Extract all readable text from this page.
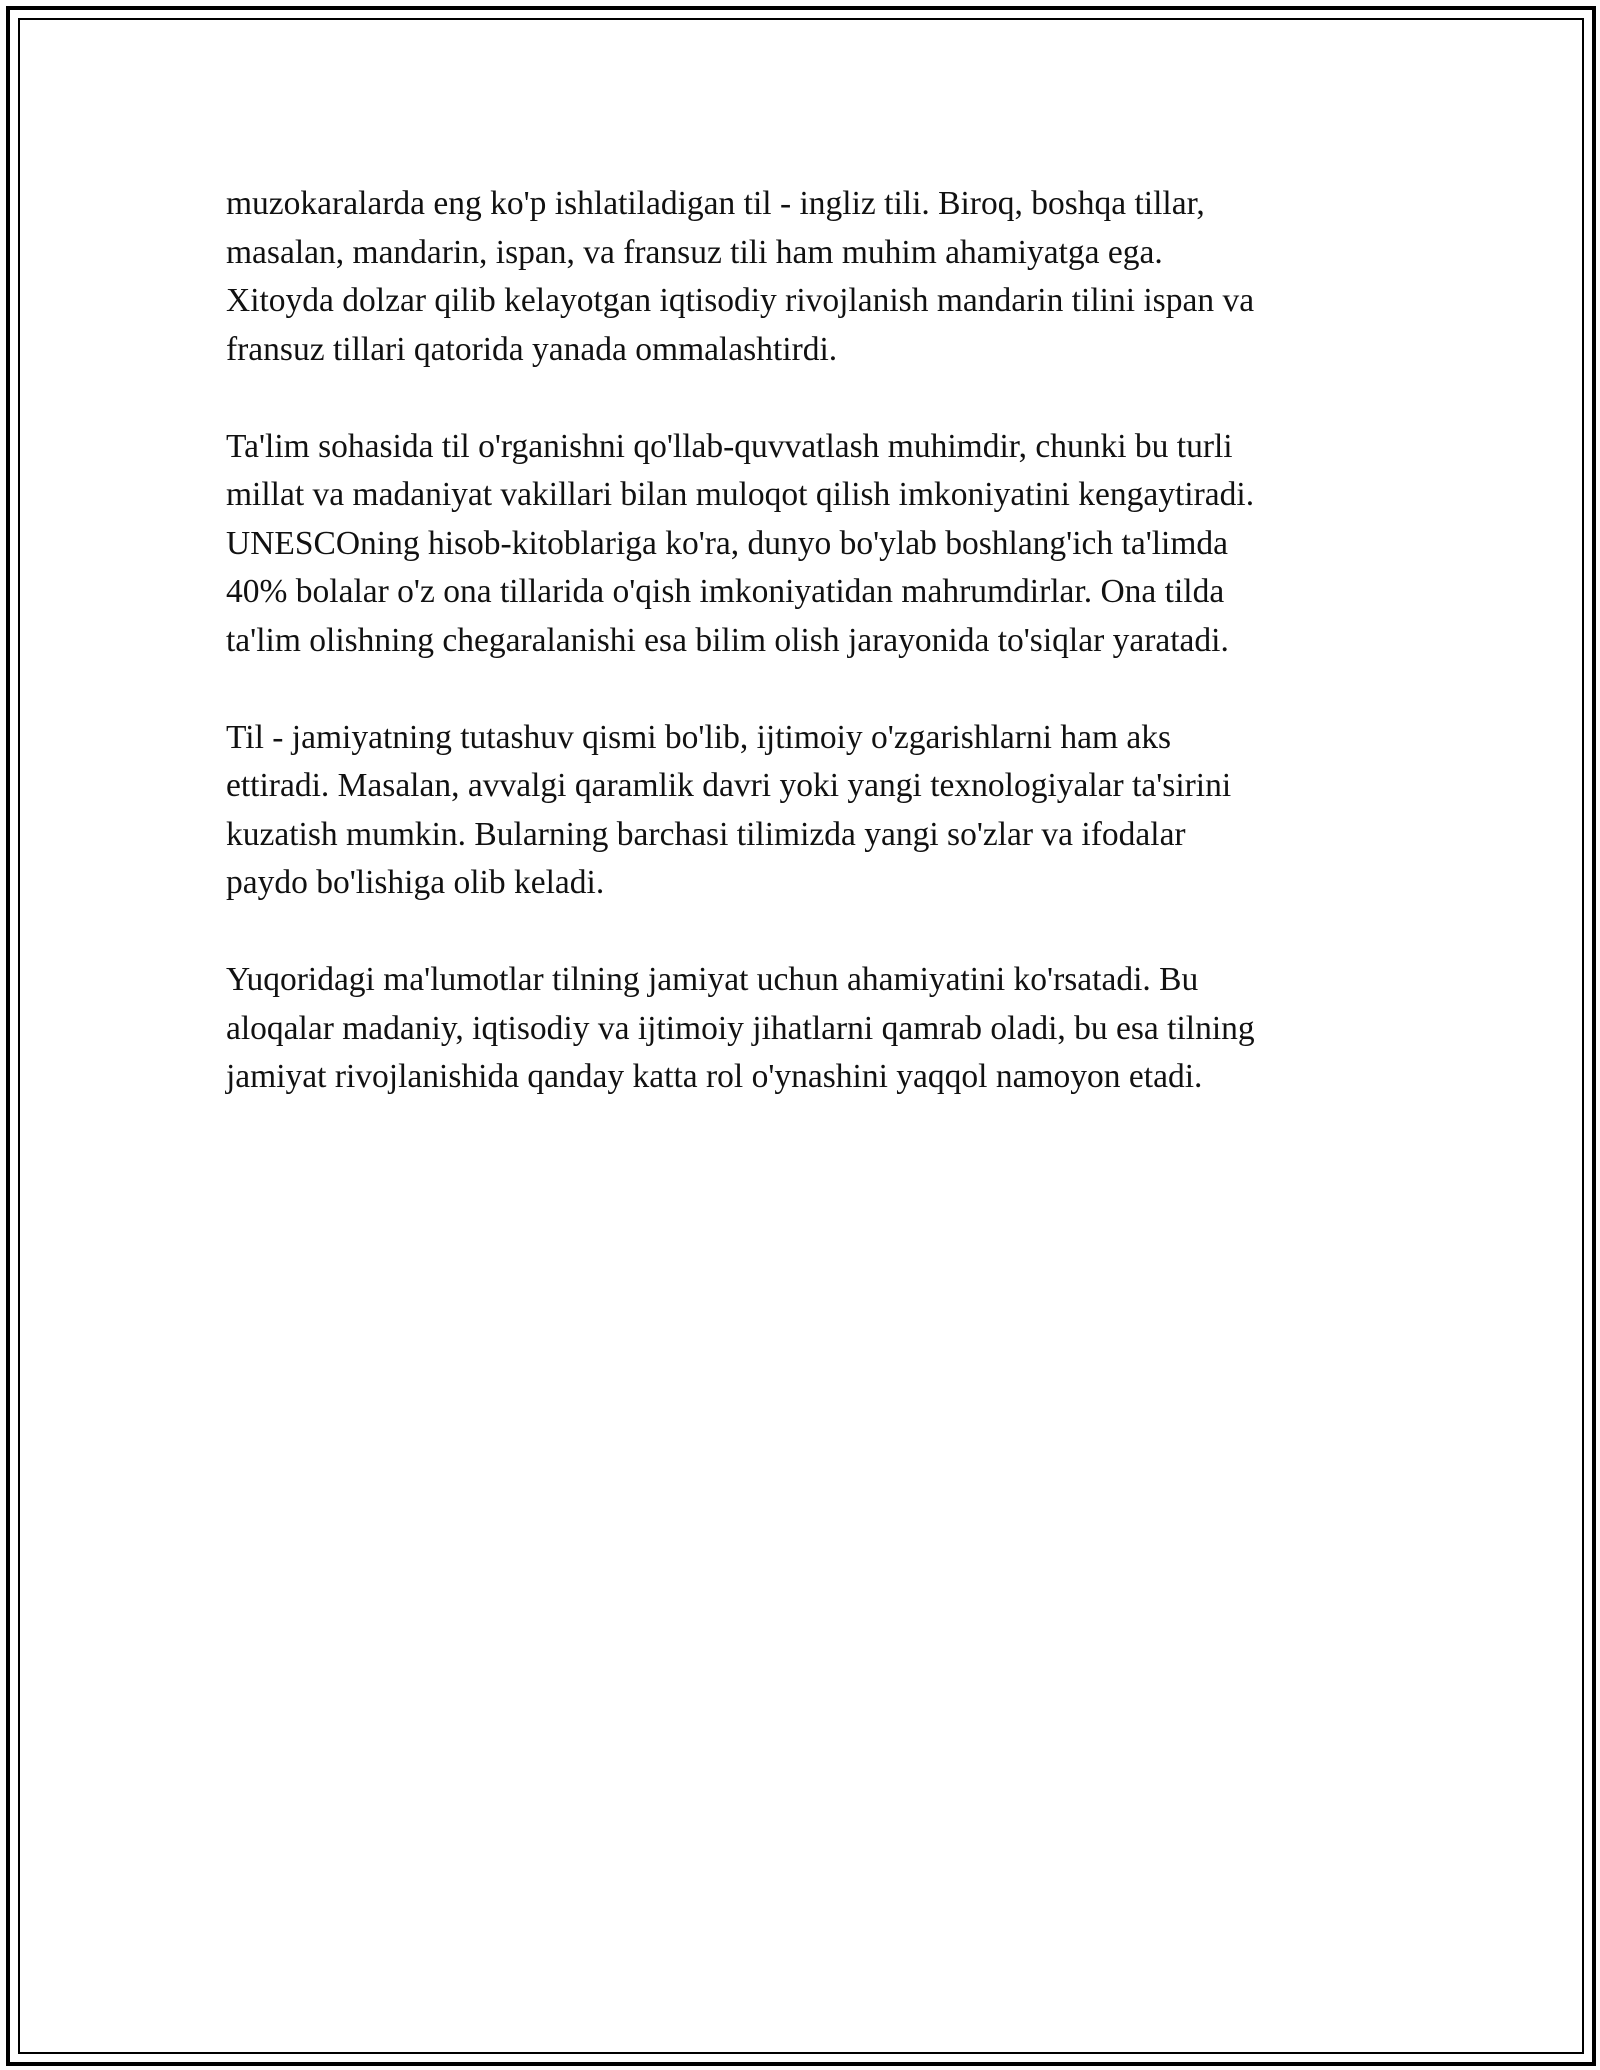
muzokaralarda eng ko'p ishlatiladigan til - ingliz tili. Biroq, boshqa tillar,
masalan, mandarin, ispan, va fransuz tili ham muhim ahamiyatga ega.
Xitoyda dolzar qilib kelayotgan iqtisodiy rivojlanish mandarin tilini ispan va
fransuz tillari qatorida yanada ommalashtirdi.

Ta'lim sohasida til o'rganishni qo'llab-quvvatlash muhimdir, chunki bu turli
millat va madaniyat vakillari bilan muloqot qilish imkoniyatini kengaytiradi.
UNESCOning hisob-kitoblariga ko'ra, dunyo bo'ylab boshlang'ich ta'limda
40% bolalar o'z ona tillarida o'qish imkoniyatidan mahrumdirlar. Ona tilda
ta'lim olishning chegaralanishi esa bilim olish jarayonida to'siqlar yaratadi.

Til - jamiyatning tutashuv qismi bo'lib, ijtimoiy o'zgarishlarni ham aks
ettiradi. Masalan, avvalgi qaramlik davri yoki yangi texnologiyalar ta'sirini
kuzatish mumkin. Bularning barchasi tilimizda yangi so'zlar va ifodalar
paydo bo'lishiga olib keladi.

Yuqoridagi ma'lumotlar tilning jamiyat uchun ahamiyatini ko'rsatadi. Bu
aloqalar madaniy, iqtisodiy va ijtimoiy jihatlarni qamrab oladi, bu esa tilning
jamiyat rivojlanishida qanday katta rol o'ynashini yaqqol namoyon etadi.
